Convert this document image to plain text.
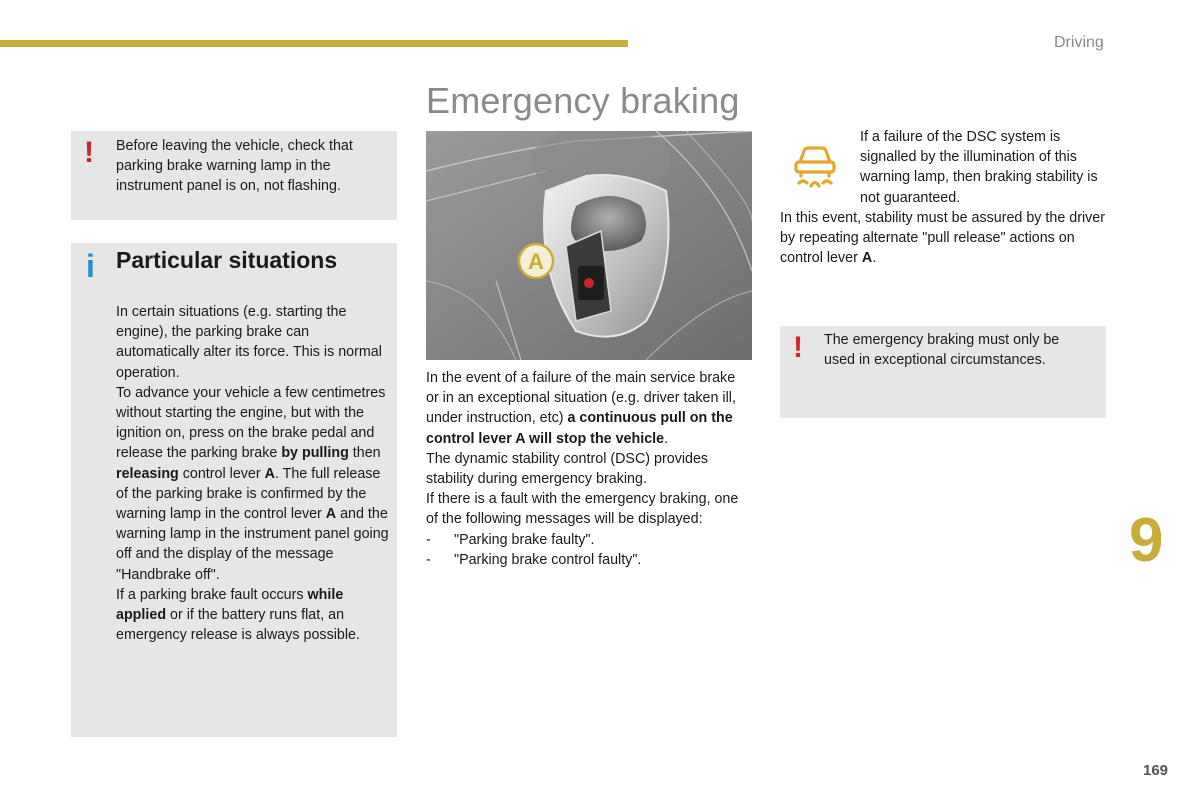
Driving
Emergency braking
! Before leaving the vehicle, check that parking brake warning lamp in the instrument panel is on, not flashing.
i Particular situations

In certain situations (e.g. starting the engine), the parking brake can automatically alter its force. This is normal operation.

To advance your vehicle a few centimetres without starting the engine, but with the ignition on, press on the brake pedal and release the parking brake by pulling then releasing control lever A. The full release of the parking brake is confirmed by the warning lamp in the control lever A and the warning lamp in the instrument panel going off and the display of the message "Handbrake off".

If a parking brake fault occurs while applied or if the battery runs flat, an emergency release is always possible.

A

In the event of a failure of the main service brake or in an exceptional situation (e.g. driver taken ill, under instruction, etc) a continuous pull on the control lever A will stop the vehicle.

The dynamic stability control (DSC) provides stability during emergency braking.

If there is a fault with the emergency braking, one of the following messages will be displayed:

- "Parking brake faulty".
- "Parking brake control faulty".
If a failure of the DSC system is signalled by the illumination of this warning lamp, then braking stability is not guaranteed.

In this event, stability must be assured by the driver by repeating alternate "pull release" actions on control lever A.

! The emergency braking must only be used in exceptional circumstances.
9
169
